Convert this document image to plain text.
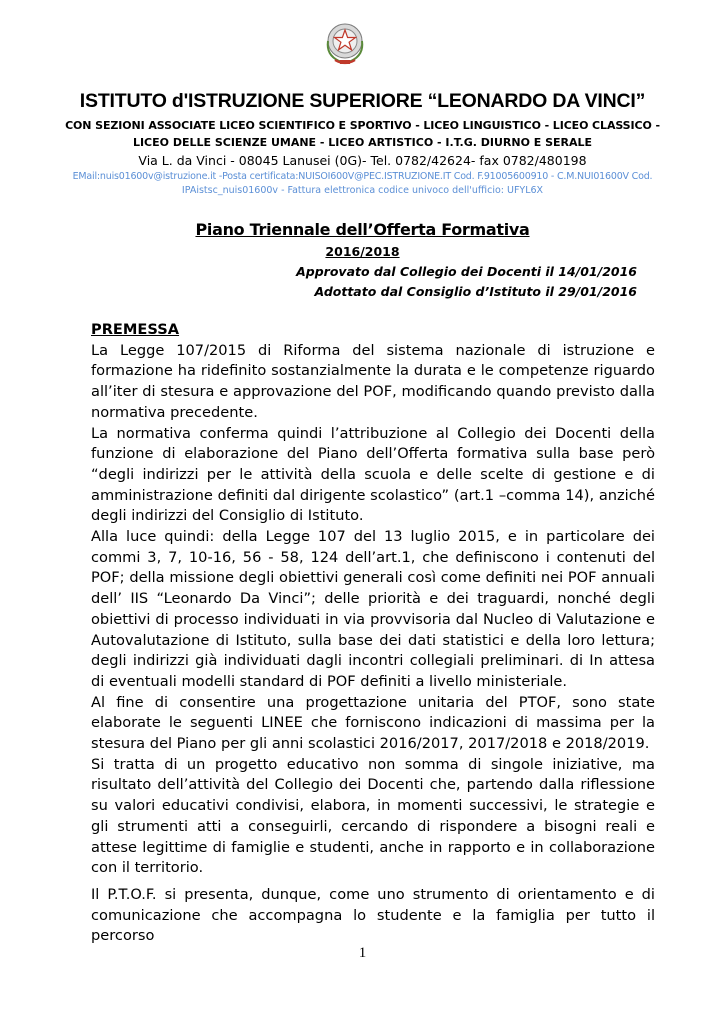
ISTITUTO d'ISTRUZIONE SUPERIORE “LEONARDO DA VINCI”
CON SEZIONI ASSOCIATE LICEO SCIENTIFICO E SPORTIVO - LICEO LINGUISTICO - LICEO CLASSICO -
LICEO DELLE SCIENZE UMANE - LICEO ARTISTICO - I.T.G. DIURNO E SERALE
Via L. da Vinci - 08045 Lanusei (0G)- Tel. 0782/42624- fax 0782/480198
EMail:nuis01600v@istruzione.it -Posta certificata:NUISOI600V@PEC.ISTRUZIONE.IT Cod. F.91005600910 - C.M.NUI01600V Cod.
IPAistsc_nuis01600v - Fattura elettronica codice univoco dell'ufficio: UFYL6X
Piano Triennale dell’Offerta Formativa
2016/2018
Approvato dal Collegio dei Docenti il 14/01/2016
Adottato dal Consiglio d’Istituto il 29/01/2016
PREMESSA

La Legge 107/2015 di Riforma del sistema nazionale di istruzione e formazione ha ridefinito sostanzialmente la durata e le competenze riguardo all’iter di stesura e approvazione del POF, modificando quando previsto dalla normativa precedente.

La normativa conferma quindi l’attribuzione al Collegio dei Docenti della funzione di elaborazione del Piano dell’Offerta formativa sulla base però “degli indirizzi per le attività della scuola e delle scelte di gestione e di amministrazione definiti dal dirigente scolastico” (art.1 –comma 14), anziché degli indirizzi del Consiglio di Istituto.

Alla luce quindi: della Legge 107 del 13 luglio 2015, e in particolare dei commi 3, 7, 10-16, 56 - 58, 124 dell’art.1, che definiscono i contenuti del POF; della missione degli obiettivi generali così come definiti nei POF annuali dell’ IIS “Leonardo Da Vinci”; delle priorità e dei traguardi, nonché degli obiettivi di processo individuati in via provvisoria dal Nucleo di Valutazione e Autovalutazione di Istituto, sulla base dei dati statistici e della loro lettura; degli indirizzi già individuati dagli incontri collegiali preliminari. di In attesa di eventuali modelli standard di POF definiti a livello ministeriale.

Al fine di consentire una progettazione unitaria del PTOF, sono state elaborate le seguenti LINEE che forniscono indicazioni di massima per la stesura del Piano per gli anni scolastici 2016/2017, 2017/2018 e 2018/2019.

Si tratta di un progetto educativo non somma di singole iniziative, ma risultato dell’attività del Collegio dei Docenti che, partendo dalla riflessione su valori educativi condivisi, elabora, in momenti successivi, le strategie e gli strumenti atti a conseguirli, cercando di rispondere a bisogni reali e attese legittime di famiglie e studenti, anche in rapporto e in collaborazione con il territorio.

Il P.T.O.F. si presenta, dunque, come uno strumento di orientamento e di comunicazione che accompagna lo studente e la famiglia per tutto il percorso

1
